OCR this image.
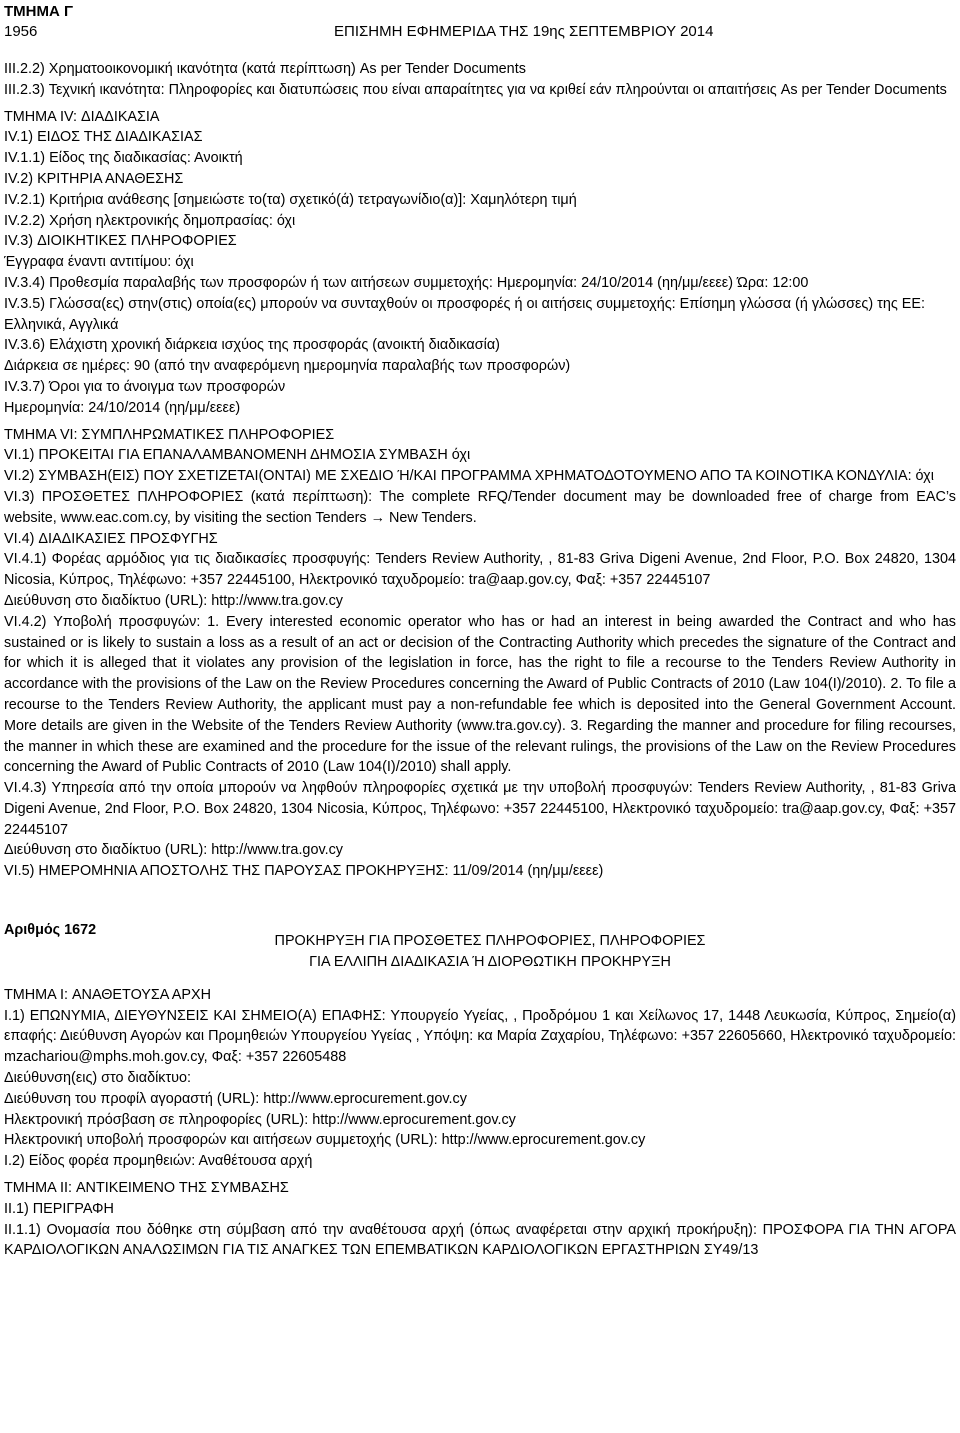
ΤΜΗΜΑ Γ
1956	ΕΠΙΣΗΜΗ ΕΦΗΜΕΡΙΔΑ ΤΗΣ 19ης ΣΕΠΤΕΜΒΡΙΟΥ 2014
III.2.2) Χρηματοοικονομική ικανότητα (κατά περίπτωση) As per Tender Documents
III.2.3) Τεχνική ικανότητα: Πληροφορίες και διατυπώσεις που είναι απαραίτητες για να κριθεί εάν πληρούνται οι απαιτήσεις As per Tender Documents
ΤΜΗΜΑ IV: ΔΙΑΔΙΚΑΣΙΑ
IV.1) ΕΙΔΟΣ ΤΗΣ ΔΙΑΔΙΚΑΣΙΑΣ
IV.1.1) Είδος της διαδικασίας: Ανοικτή
IV.2) ΚΡΙΤΗΡΙΑ ΑΝΑΘΕΣΗΣ
IV.2.1) Κριτήρια ανάθεσης [σημειώστε το(τα) σχετικό(ά) τετραγωνίδιο(α)]: Χαμηλότερη τιμή
IV.2.2) Χρήση ηλεκτρονικής δημοπρασίας: όχι
IV.3) ΔΙΟΙΚΗΤΙΚΕΣ ΠΛΗΡΟΦΟΡΙΕΣ
Έγγραφα έναντι αντιτίμου: όχι
IV.3.4) Προθεσμία παραλαβής των προσφορών ή των αιτήσεων συμμετοχής: Ημερομηνία: 24/10/2014 (ηη/μμ/εεεε) Ώρα: 12:00
IV.3.5) Γλώσσα(ες) στην(στις) οποία(ες) μπορούν να συνταχθούν οι προσφορές ή οι αιτήσεις συμμετοχής: Επίσημη γλώσσα (ή γλώσσες) της ΕΕ:
Ελληνικά, Αγγλικά
IV.3.6) Ελάχιστη χρονική διάρκεια ισχύος της προσφοράς (ανοικτή διαδικασία)
Διάρκεια σε ημέρες: 90 (από την αναφερόμενη ημερομηνία παραλαβής των προσφορών)
IV.3.7) Όροι για το άνοιγμα των προσφορών
Ημερομηνία: 24/10/2014 (ηη/μμ/εεεε)
ΤΜΗΜΑ VI: ΣΥΜΠΛΗΡΩΜΑΤΙΚΕΣ ΠΛΗΡΟΦΟΡΙΕΣ
VI.1) ΠΡΟΚΕΙΤΑΙ ΓΙΑ ΕΠΑΝΑΛΑΜΒΑΝΟΜΕΝΗ ΔΗΜΟΣΙΑ ΣΥΜΒΑΣΗ όχι
VI.2) ΣΥΜΒΑΣΗ(ΕΙΣ) ΠΟΥ ΣΧΕΤΙΖΕΤΑΙ(ΟΝΤΑΙ) ΜΕ ΣΧΕΔΙΟ Ή/ΚΑΙ ΠΡΟΓΡΑΜΜΑ ΧΡΗΜΑΤΟΔΟΤΟΥΜΕΝΟ ΑΠΟ ΤΑ ΚΟΙΝΟΤΙΚΑ ΚΟΝΔΥΛΙΑ: όχι
VI.3) ΠΡΟΣΘΕΤΕΣ ΠΛΗΡΟΦΟΡΙΕΣ (κατά περίπτωση): The complete RFQ/Tender document may be downloaded free of charge from EAC’s website, www.eac.com.cy, by visiting the section Tenders → New Tenders.
VI.4) ΔΙΑΔΙΚΑΣΙΕΣ ΠΡΟΣΦΥΓΗΣ
VI.4.1) Φορέας αρμόδιος για τις διαδικασίες προσφυγής: Tenders Review Authority, , 81-83 Griva Digeni Avenue, 2nd Floor, P.O. Box 24820, 1304 Nicosia, Κύπρος, Τηλέφωνο: +357 22445100, Ηλεκτρονικό ταχυδρομείο: tra@aap.gov.cy, Φαξ: +357 22445107
Διεύθυνση στο διαδίκτυο (URL): http://www.tra.gov.cy
VI.4.2) Υποβολή προσφυγών: 1. Every interested economic operator who has or had an interest in being awarded the Contract and who has sustained or is likely to sustain a loss as a result of an act or decision of the Contracting Authority which precedes the signature of the Contract and for which it is alleged that it violates any provision of the legislation in force, has the right to file a recourse to the Tenders Review Authority in accordance with the provisions of the Law on the Review Procedures concerning the Award of Public Contracts of 2010 (Law 104(I)/2010). 2. To file a recourse to the Tenders Review Authority, the applicant must pay a non-refundable fee which is deposited into the General Government Account. More details are given in the Website of the Tenders Review Authority (www.tra.gov.cy). 3. Regarding the manner and procedure for filing recourses, the manner in which these are examined and the procedure for the issue of the relevant rulings, the provisions of the Law on the Review Procedures concerning the Award of Public Contracts of 2010 (Law 104(I)/2010) shall apply.
VI.4.3) Υπηρεσία από την οποία μπορούν να ληφθούν πληροφορίες σχετικά με την υποβολή προσφυγών: Tenders Review Authority, , 81-83 Griva Digeni Avenue, 2nd Floor, P.O. Box 24820, 1304 Nicosia, Κύπρος, Τηλέφωνο: +357 22445100, Ηλεκτρονικό ταχυδρομείο: tra@aap.gov.cy, Φαξ: +357 22445107
Διεύθυνση στο διαδίκτυο (URL): http://www.tra.gov.cy
VI.5) ΗΜΕΡΟΜΗΝΙΑ ΑΠΟΣΤΟΛΗΣ ΤΗΣ ΠΑΡΟΥΣΑΣ ΠΡΟΚΗΡΥΞΗΣ: 11/09/2014 (ηη/μμ/εεεε)
Αριθμός 1672
ΠΡΟΚΗΡΥΞΗ ΓΙΑ ΠΡΟΣΘΕΤΕΣ ΠΛΗΡΟΦΟΡΙΕΣ, ΠΛΗΡΟΦΟΡΙΕΣ
ΓΙΑ ΕΛΛΙΠΗ ΔΙΑΔΙΚΑΣΙΑ Ή ΔΙΟΡΘΩΤΙΚΗ ΠΡΟΚΗΡΥΞΗ
ΤΜΗΜΑ I: ΑΝΑΘΕΤΟΥΣΑ ΑΡΧΗ
I.1) ΕΠΩΝΥΜΙΑ, ΔΙΕΥΘΥΝΣΕΙΣ ΚΑΙ ΣΗΜΕΙΟ(Α) ΕΠΑΦΗΣ: Υπουργείο Υγείας, , Προδρόμου 1 και Χείλωνος 17, 1448 Λευκωσία, Κύπρος, Σημείο(α) επαφής: Διεύθυνση Αγορών και Προμηθειών Υπουργείου Υγείας , Υπόψη: κα Μαρία Ζαχαρίου, Τηλέφωνο: +357 22605660, Ηλεκτρονικό ταχυδρομείο: mzachariou@mphs.moh.gov.cy, Φαξ: +357 22605488
Διεύθυνση(εις) στο διαδίκτυο:
Διεύθυνση του προφίλ αγοραστή (URL): http://www.eprocurement.gov.cy
Ηλεκτρονική πρόσβαση σε πληροφορίες (URL): http://www.eprocurement.gov.cy
Ηλεκτρονική υποβολή προσφορών και αιτήσεων συμμετοχής (URL): http://www.eprocurement.gov.cy
I.2) Είδος φορέα προμηθειών: Αναθέτουσα αρχή
ΤΜΗΜΑ II: ΑΝΤΙΚΕΙΜΕΝΟ ΤΗΣ ΣΥΜΒΑΣΗΣ
II.1) ΠΕΡΙΓΡΑΦΗ
II.1.1) Ονομασία που δόθηκε στη σύμβαση από την αναθέτουσα αρχή (όπως αναφέρεται στην αρχική προκήρυξη): ΠΡΟΣΦΟΡΑ ΓΙΑ ΤΗΝ ΑΓΟΡΑ ΚΑΡΔΙΟΛΟΓΙΚΩΝ ΑΝΑΛΩΣΙΜΩΝ ΓΙΑ ΤΙΣ ΑΝΑΓΚΕΣ ΤΩΝ ΕΠΕΜΒΑΤΙΚΩΝ ΚΑΡΔΙΟΛΟΓΙΚΩΝ ΕΡΓΑΣΤΗΡΙΩΝ ΣΥ49/13
